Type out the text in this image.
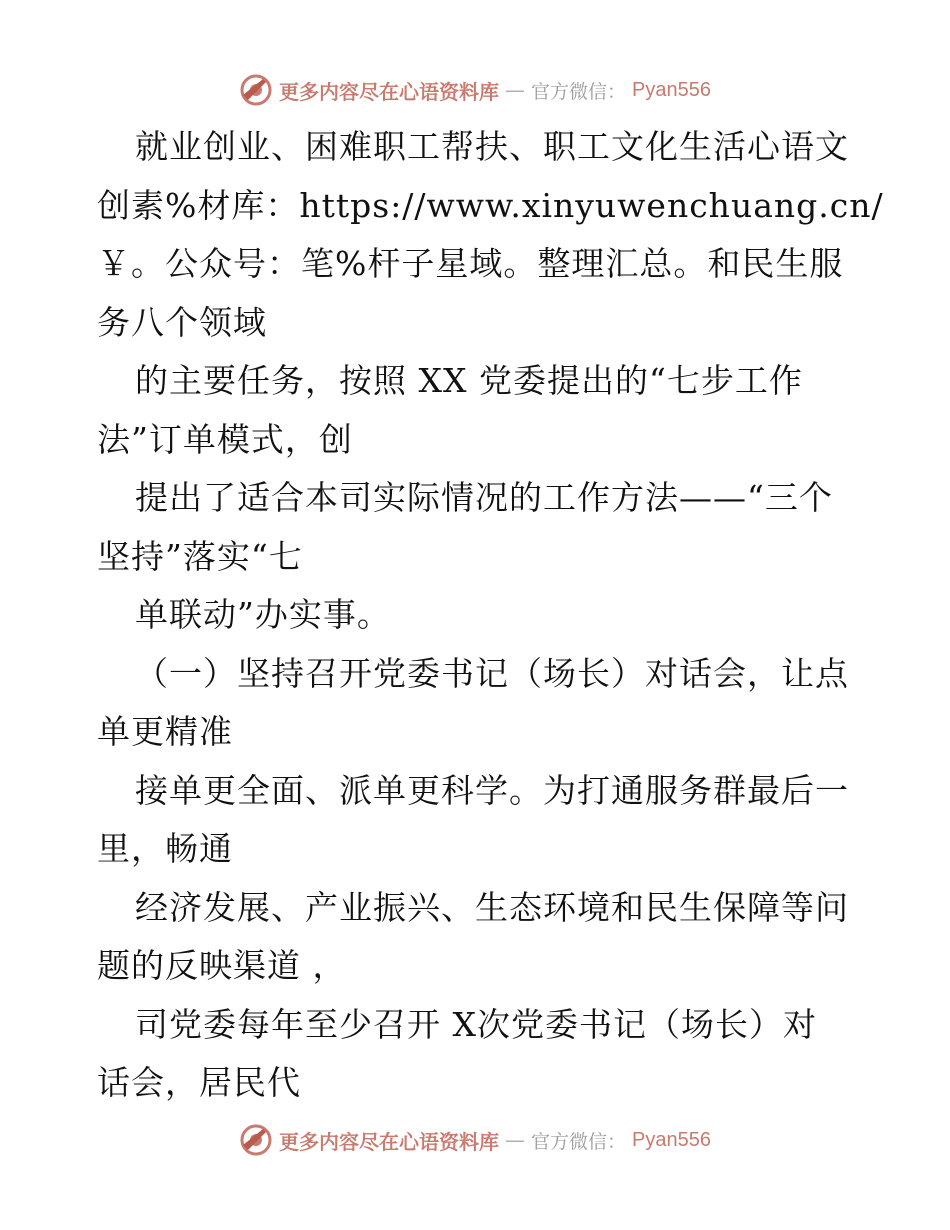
更多内容尽在心语资料库 — 官方微信： Pyan556
就业创业、困难职工帮扶、职工文化生活心语文
创素%材库：https://www.xinyuwenchuang.cn/
￥。公众号：笔%杆子星域。整理汇总。和民生服
务八个领域
的主要任务，按照 XX 党委提出的“七步工作
法”订单模式，创
提出了适合本司实际情况的工作方法——“三个
坚持”落实“七
单联动”办实事。
（一）坚持召开党委书记（场长）对话会，让点
单更精准
接单更全面、派单更科学。为打通服务群最后一
里，畅通
经济发展、产业振兴、生态环境和民生保障等问
题的反映渠道 ，
司党委每年至少召开 X次党委书记（场长）对
话会，居民代
更多内容尽在心语资料库 — 官方微信： Pyan556
